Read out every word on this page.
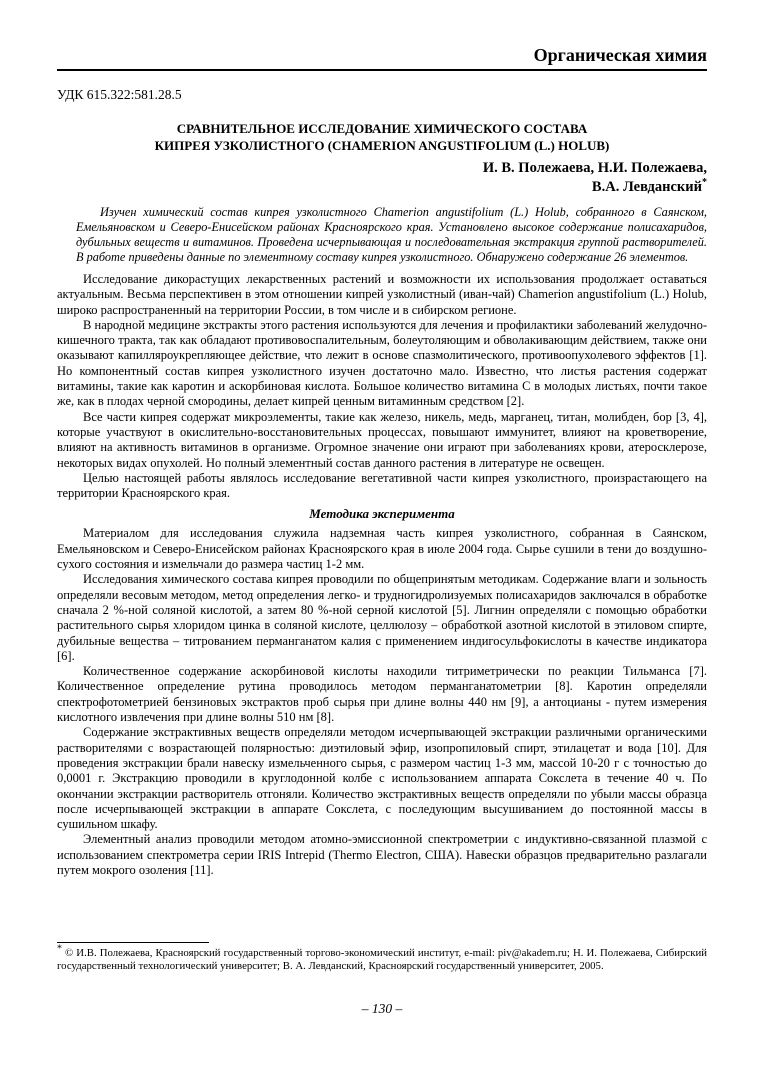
Органическая химия
УДК 615.322:581.28.5
СРАВНИТЕЛЬНОЕ ИССЛЕДОВАНИЕ ХИМИЧЕСКОГО СОСТАВА
КИПРЕЯ УЗКОЛИСТНОГО (CHAMERION ANGUSTIFOLIUM (L.) HOLUB)
И. В. Полежаева, Н.И. Полежаева,
В.А. Левданский*

Изучен химический состав кипрея узколистного Chamerion angustifolium (L.) Holub, собранного в Саянском, Емельяновском и Северо-Енисейском районах Красноярского края. Установлено высокое содержание полисахаридов, дубильных веществ и витаминов. Проведена исчерпывающая и последовательная экстракция группой растворителей. В работе приведены данные по элементному составу кипрея узколистного. Обнаружено содержание 26 элементов.

Исследование дикорастущих лекарственных растений и возможности их использования продолжает оставаться актуальным. Весьма перспективен в этом отношении кипрей узколистный (иван-чай) Chamerion angustifolium (L.) Holub, широко распространенный на территории России, в том числе и в сибирском регионе.

В народной медицине экстракты этого растения используются для лечения и профилактики заболеваний желудочно-кишечного тракта, так как обладают противовоспалительным, болеутоляющим и обволакивающим действием, также они оказывают капилляроукрепляющее действие, что лежит в основе спазмолитического, противоопухолевого эффектов [1]. Но компонентный состав кипрея узколистного изучен достаточно мало. Известно, что листья растения содержат витамины, такие как каротин и аскорбиновая кислота. Большое количество витамина С в молодых листьях, почти такое же, как в плодах черной смородины, делает кипрей ценным витаминным средством [2].

Все части кипрея содержат микроэлементы, такие как железо, никель, медь, марганец, титан, молибден, бор [3, 4], которые участвуют в окислительно-восстановительных процессах, повышают иммунитет, влияют на кроветворение, влияют на активность витаминов в организме. Огромное значение они играют при заболеваниях крови, атеросклерозе, некоторых видах опухолей. Но полный элементный состав данного растения в литературе не освещен.

Целью настоящей работы являлось исследование вегетативной части кипрея узколистного, произрастающего на территории Красноярского края.

Методика эксперимента

Материалом для исследования служила надземная часть кипрея узколистного, собранная в Саянском, Емельяновском и Северо-Енисейском районах Красноярского края в июле 2004 года. Сырье сушили в тени до воздушно-сухого состояния и измельчали до размера частиц 1-2 мм.

Исследования химического состава кипрея проводили по общепринятым методикам. Содержание влаги и зольность определяли весовым методом, метод определения легко- и трудногидролизуемых полисахаридов заключался в обработке сначала 2 %-ной соляной кислотой, а затем 80 %-ной серной кислотой [5]. Лигнин определяли с помощью обработки растительного сырья хлоридом цинка в соляной кислоте, целлюлозу – обработкой азотной кислотой в этиловом спирте, дубильные вещества – титрованием перманганатом калия с применением индигосульфокислоты в качестве индикатора [6].

Количественное содержание аскорбиновой кислоты находили титриметрически по реакции Тильманса [7]. Количественное определение рутина проводилось методом перманганатометрии [8]. Каротин определяли спектрофотометрией бензиновых экстрактов проб сырья при длине волны 440 нм [9], а антоцианы - путем измерения кислотного извлечения при длине волны 510 нм [8].

Содержание экстрактивных веществ определяли методом исчерпывающей экстракции различными органическими растворителями с возрастающей полярностью: диэтиловый эфир, изопропиловый спирт, этилацетат и вода [10]. Для проведения экстракции брали навеску измельченного сырья, с размером частиц 1-3 мм, массой 10-20 г с точностью до 0,0001 г. Экстракцию проводили в круглодонной колбе с использованием аппарата Сокслета в течение 40 ч. По окончании экстракции растворитель отгоняли. Количество экстрактивных веществ определяли по убыли массы образца после исчерпывающей экстракции в аппарате Сокслета, с последующим высушиванием до постоянной массы в сушильном шкафу.

Элементный анализ проводили методом атомно-эмиссионной спектрометрии с индуктивно-связанной плазмой с использованием спектрометра серии IRIS Intrepid (Thermo Electron, США). Навески образцов предварительно разлагали путем мокрого озоления [11].

* © И.В. Полежаева, Красноярский государственный торгово-экономический институт, e-mail: piv@akadem.ru; Н. И. Полежаева, Сибирский государственный технологический университет; В. А. Левданский, Красноярский государственный университет, 2005.

– 130 –
